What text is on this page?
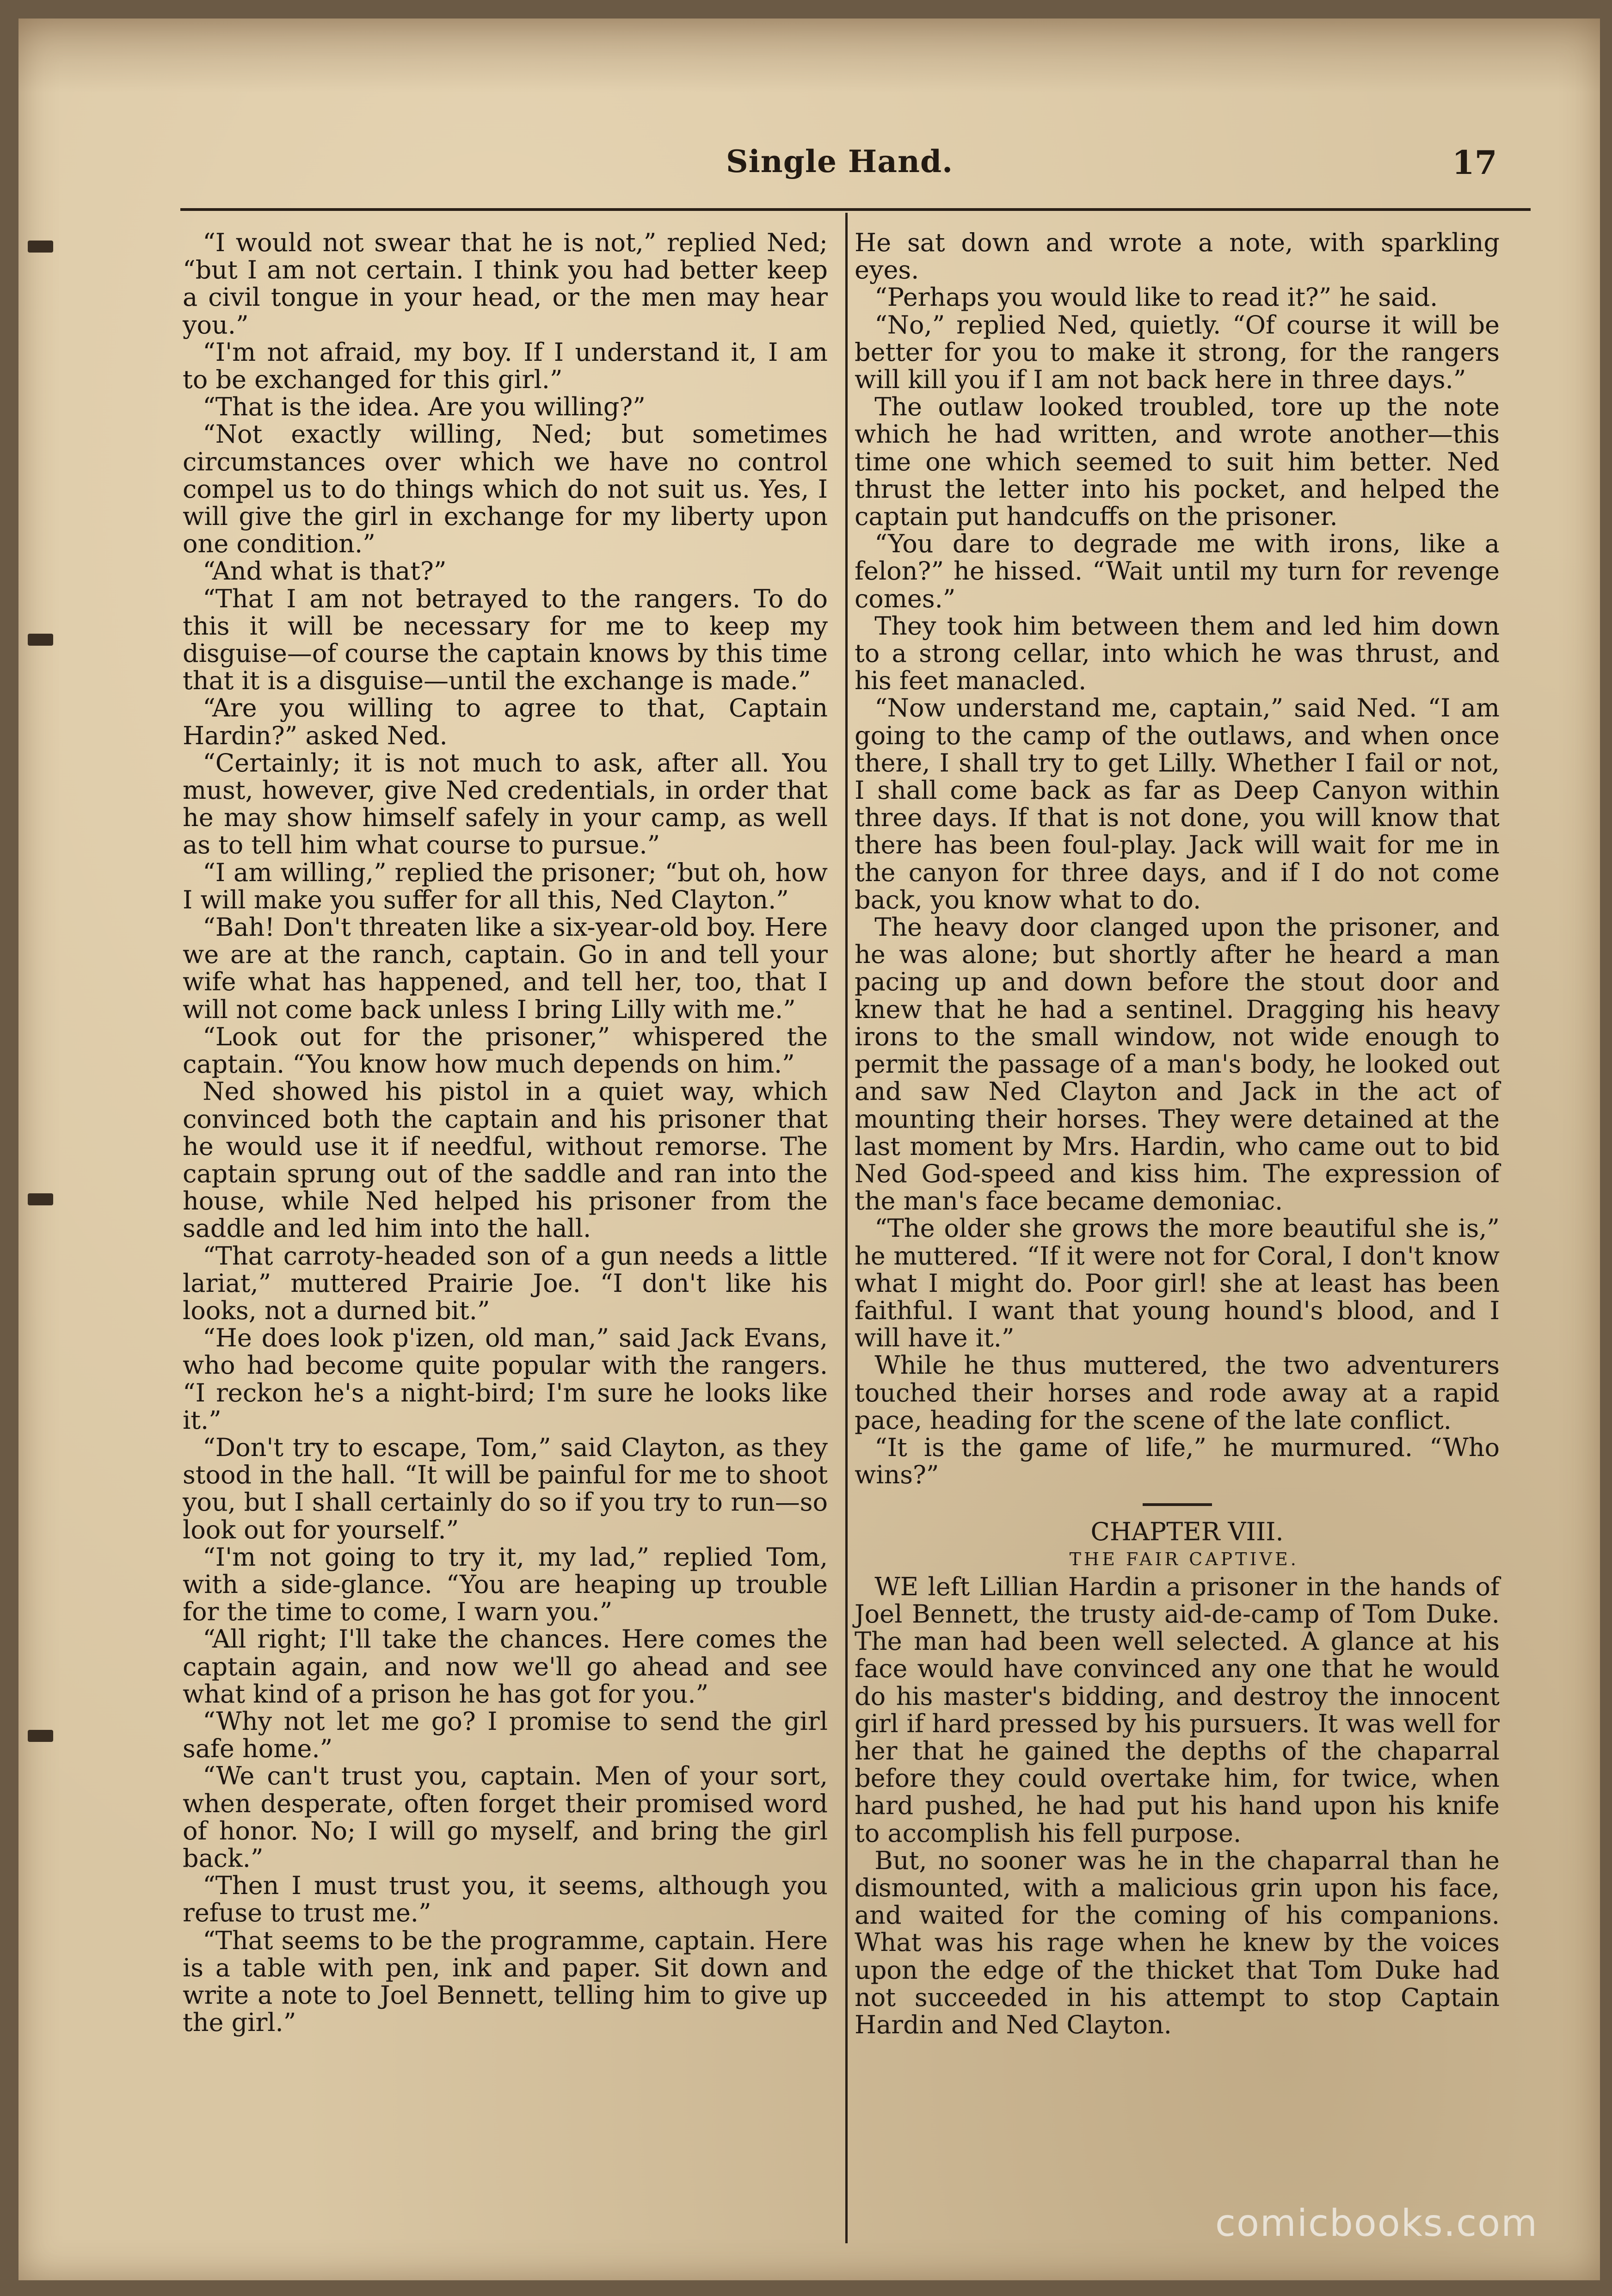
Single Hand.	17

“I would not swear that he is not,” replied Ned; “but I am not certain. I think you had better keep a civil tongue in your head, or the men may hear you.”

“I'm not afraid, my boy. If I understand it, I am to be exchanged for this girl.”

“That is the idea. Are you willing?”

“Not exactly willing, Ned; but sometimes circumstances over which we have no control compel us to do things which do not suit us. Yes, I will give the girl in exchange for my liberty upon one condition.”

“And what is that?”

“That I am not betrayed to the rangers. To do this it will be necessary for me to keep my disguise—of course the captain knows by this time that it is a disguise—until the exchange is made.”

“Are you willing to agree to that, Captain Hardin?” asked Ned.

“Certainly; it is not much to ask, after all. You must, however, give Ned credentials, in order that he may show himself safely in your camp, as well as to tell him what course to pursue.”

“I am willing,” replied the prisoner; “but oh, how I will make you suffer for all this, Ned Clayton.”

“Bah! Don't threaten like a six-year-old boy. Here we are at the ranch, captain. Go in and tell your wife what has happened, and tell her, too, that I will not come back unless I bring Lilly with me.”

“Look out for the prisoner,” whispered the captain. “You know how much depends on him.”

Ned showed his pistol in a quiet way, which convinced both the captain and his prisoner that he would use it if needful, without remorse. The captain sprung out of the saddle and ran into the house, while Ned helped his prisoner from the saddle and led him into the hall.

“That carroty-headed son of a gun needs a little lariat,” muttered Prairie Joe. “I don't like his looks, not a durned bit.”

“He does look p'izen, old man,” said Jack Evans, who had become quite popular with the rangers. “I reckon he's a night-bird; I'm sure he looks like it.”

“Don't try to escape, Tom,” said Clayton, as they stood in the hall. “It will be painful for me to shoot you, but I shall certainly do so if you try to run—so look out for yourself.”

“I'm not going to try it, my lad,” replied Tom, with a side-glance. “You are heaping up trouble for the time to come, I warn you.”

“All right; I'll take the chances. Here comes the captain again, and now we'll go ahead and see what kind of a prison he has got for you.”

“Why not let me go? I promise to send the girl safe home.”

“We can't trust you, captain. Men of your sort, when desperate, often forget their promised word of honor. No; I will go myself, and bring the girl back.”

“Then I must trust you, it seems, although you refuse to trust me.”

“That seems to be the programme, captain. Here is a table with pen, ink and paper. Sit down and write a note to Joel Bennett, telling him to give up the girl.”

He sat down and wrote a note, with sparkling eyes.

“Perhaps you would like to read it?” he said.

“No,” replied Ned, quietly. “Of course it will be better for you to make it strong, for the rangers will kill you if I am not back here in three days.”

The outlaw looked troubled, tore up the note which he had written, and wrote another—this time one which seemed to suit him better. Ned thrust the letter into his pocket, and helped the captain put handcuffs on the prisoner.

“You dare to degrade me with irons, like a felon?” he hissed. “Wait until my turn for revenge comes.”

They took him between them and led him down to a strong cellar, into which he was thrust, and his feet manacled.

“Now understand me, captain,” said Ned. “I am going to the camp of the outlaws, and when once there, I shall try to get Lilly. Whether I fail or not, I shall come back as far as Deep Canyon within three days. If that is not done, you will know that there has been foul-play. Jack will wait for me in the canyon for three days, and if I do not come back, you know what to do.

The heavy door clanged upon the prisoner, and he was alone; but shortly after he heard a man pacing up and down before the stout door and knew that he had a sentinel. Dragging his heavy irons to the small window, not wide enough to permit the passage of a man's body, he looked out and saw Ned Clayton and Jack in the act of mounting their horses. They were detained at the last moment by Mrs. Hardin, who came out to bid Ned God-speed and kiss him. The expression of the man's face became demoniac.

“The older she grows the more beautiful she is,” he muttered. “If it were not for Coral, I don't know what I might do. Poor girl! she at least has been faithful. I want that young hound's blood, and I will have it.”

While he thus muttered, the two adventurers touched their horses and rode away at a rapid pace, heading for the scene of the late conflict.

“It is the game of life,” he murmured. “Who wins?”

CHAPTER VIII.

THE FAIR CAPTIVE.

WE left Lillian Hardin a prisoner in the hands of Joel Bennett, the trusty aid-de-camp of Tom Duke. The man had been well selected. A glance at his face would have convinced any one that he would do his master's bidding, and destroy the innocent girl if hard pressed by his pursuers. It was well for her that he gained the depths of the chaparral before they could overtake him, for twice, when hard pushed, he had put his hand upon his knife to accomplish his fell purpose.

But, no sooner was he in the chaparral than he dismounted, with a malicious grin upon his face, and waited for the coming of his companions. What was his rage when he knew by the voices upon the edge of the thicket that Tom Duke had not succeeded in his attempt to stop Captain Hardin and Ned Clayton.

comicbooks.com
